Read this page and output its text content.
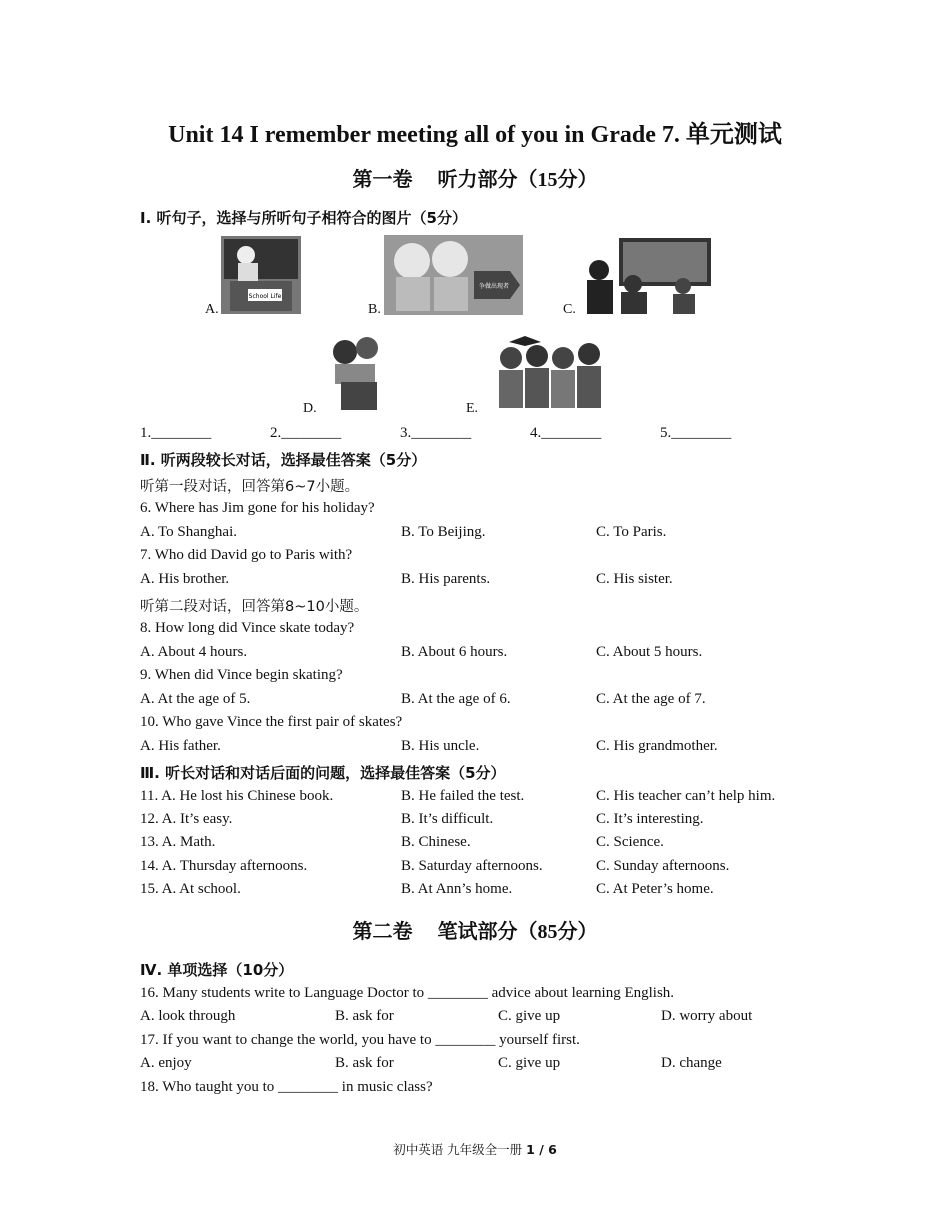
Unit 14 I remember meeting all of you in Grade 7. 单元测试
第一卷　 听力部分（15分）
Ⅰ. 听句子，选择与所听句子相符合的图片（5分）
School Life
争做出现者
A.	B.	C.
D.	E.
1.________	2.________	3.________	4.________	5.________
Ⅱ. 听两段较长对话，选择最佳答案（5分）
听第一段对话，回答第6~7小题。
6. Where has Jim gone for his holiday?
A. To Shanghai.	B. To Beijing.	C. To Paris.
7. Who did David go to Paris with?
A. His brother.	B. His parents.	C. His sister.
听第二段对话，回答第8~10小题。
8. How long did Vince skate today?
A. About 4 hours.	B. About 6 hours.	C. About 5 hours.
9. When did Vince begin skating?
A. At the age of 5.	B. At the age of 6.	C. At the age of 7.
10. Who gave Vince the first pair of skates?
A. His father.	B. His uncle.	C. His grandmother.
Ⅲ. 听长对话和对话后面的问题，选择最佳答案（5分）
11. A. He lost his Chinese book.	B. He failed the test.	C. His teacher can’t help him.
12. A. It’s easy.	B. It’s difficult.	C. It’s interesting.
13. A. Math.	B. Chinese.	C. Science.
14. A. Thursday afternoons.	B. Saturday afternoons.	C. Sunday afternoons.
15. A. At school.	B. At Ann’s home.	C. At Peter’s home.
第二卷　 笔试部分（85分）
Ⅳ. 单项选择（10分）
16. Many students write to Language Doctor to ________ advice about learning English.
A. look through	B. ask for	C. give up	D. worry about
17. If you want to change the world, you have to ________ yourself first.
A. enjoy	B. ask for	C. give up	D. change
18. Who taught you to ________ in music class?
初中英语 九年级全一册 1 / 6
